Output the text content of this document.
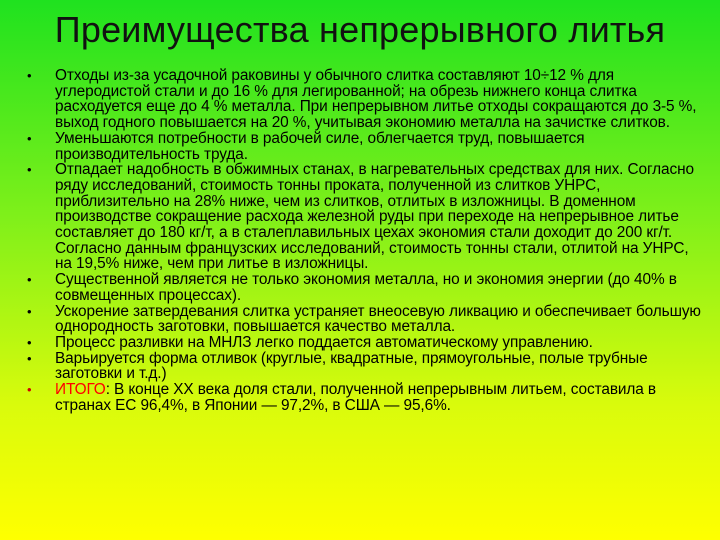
Преимущества непрерывного литья
• Отходы из-за усадочной раковины у обычного слитка составляют 10÷12 % для углеродистой стали и до 16 % для легированной; на обрезь нижнего конца слитка расходуется еще до 4 % металла. При непрерывном литье отходы сокращаются до 3-5 %, выход годного повышается на 20 %, учитывая экономию металла на зачистке слитков.
• Уменьшаются потребности в рабочей силе, облегчается труд, повышается производительность труда.
• Отпадает надобность в обжимных станах, в нагревательных средствах для них. Согласно ряду исследований, стоимость тонны проката, полученной из слитков УНРС, приблизительно на 28% ниже, чем из слитков, отлитых в изложницы. В доменном производстве сокращение расхода железной руды при переходе на непрерывное литье составляет до 180 кг/т, а в сталеплавильных цехах экономия стали доходит до 200 кг/т. Согласно данным французских исследований, стоимость тонны стали, отлитой на УНРС, на 19,5% ниже, чем при литье в изложницы.
• Существенной является не только экономия металла, но и экономия энергии (до 40% в совмещенных процессах).
• Ускорение затвердевания слитка устраняет внеосевую ликвацию и обеспечивает большую однородность заготовки, повышается качество металла.
• Процесс разливки на МНЛЗ легко поддается автоматическому управлению.
• Варьируется форма отливок (круглые, квадратные, прямоугольные, полые трубные заготовки и т.д.)
• ИТОГО: В конце XX века доля стали, полученной непрерывным литьем, составила в странах ЕС 96,4%, в Японии — 97,2%, в США — 95,6%.
